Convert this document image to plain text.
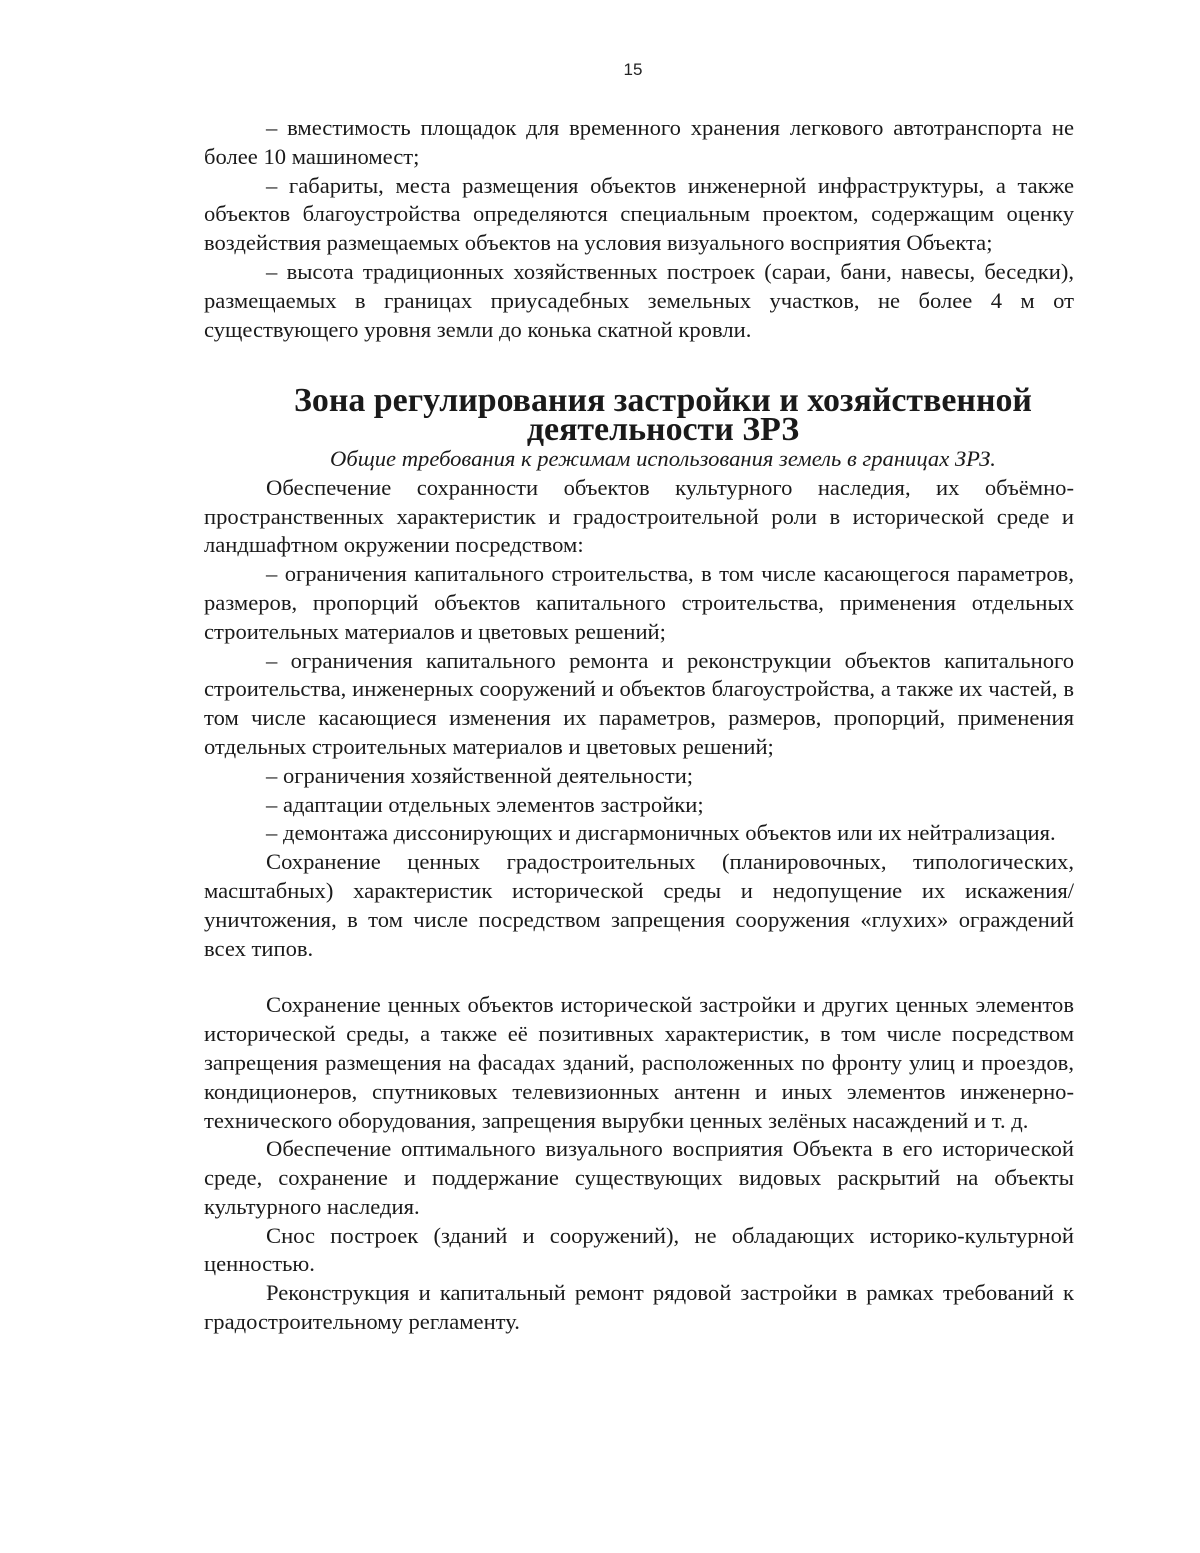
15

– вместимость площадок для временного хранения легкового автотранспорта не более 10 машиномест;

– габариты, места размещения объектов инженерной инфраструктуры, а также объектов благоустройства определяются специальным проектом, содержащим оценку воздействия размещаемых объектов на условия визуального восприятия Объекта;

– высота традиционных хозяйственных построек (сараи, бани, навесы, беседки), размещаемых в границах приусадебных земельных участков, не более 4 м от существующего уровня земли до конька скатной кровли.

Зона регулирования застройки и хозяйственной деятельности ЗРЗ
Общие требования к режимам использования земель в границах ЗРЗ.

Обеспечение сохранности объектов культурного наследия, их объёмно-пространственных характеристик и градостроительной роли в исторической среде и ландшафтном окружении посредством:

– ограничения капитального строительства, в том числе касающегося параметров, размеров, пропорций объектов капитального строительства, применения отдельных строительных материалов и цветовых решений;

– ограничения капитального ремонта и реконструкции объектов капитального строительства, инженерных сооружений и объектов благоустройства, а также их частей, в том числе касающиеся изменения их параметров, размеров, пропорций, применения отдельных строительных материалов и цветовых решений;

– ограничения хозяйственной деятельности;

– адаптации отдельных элементов застройки;

– демонтажа диссонирующих и дисгармоничных объектов или их нейтрализация.

Сохранение ценных градостроительных (планировочных, типологических, масштабных) характеристик исторической среды и недопущение их искажения/уничтожения, в том числе посредством запрещения сооружения «глухих» ограждений всех типов.

Сохранение ценных объектов исторической застройки и других ценных элементов исторической среды, а также её позитивных характеристик, в том числе посредством запрещения размещения на фасадах зданий, расположенных по фронту улиц и проездов, кондиционеров, спутниковых телевизионных антенн и иных элементов инженерно-технического оборудования, запрещения вырубки ценных зелёных насаждений и т. д.

Обеспечение оптимального визуального восприятия Объекта в его исторической среде, сохранение и поддержание существующих видовых раскрытий на объекты культурного наследия.

Снос построек (зданий и сооружений), не обладающих историко-культурной ценностью.

Реконструкция и капитальный ремонт рядовой застройки в рамках требований к градостроительному регламенту.
